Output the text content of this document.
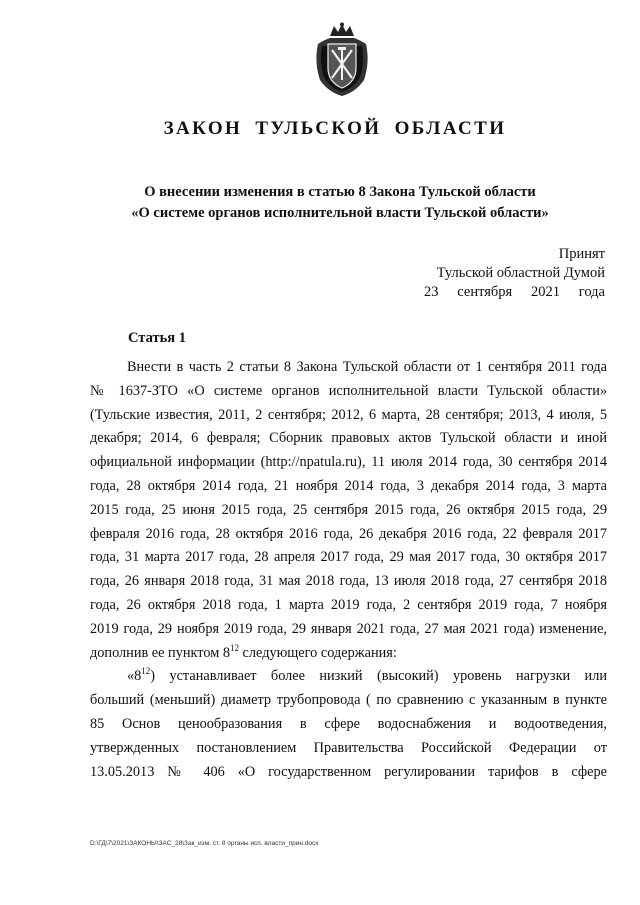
ЗАКОН ТУЛЬСКОЙ ОБЛАСТИ
О внесении изменения в статью 8 Закона Тульской области
«О системе органов исполнительной власти Тульской области»
Принят
Тульской областной Думой
23 сентября 2021 года
Статья 1
Внести в часть 2 статьи 8 Закона Тульской области от 1 сентября 2011 года
№ 1637-ЗТО «О системе органов исполнительной власти Тульской области»
(Тульские известия, 2011, 2 сентября; 2012, 6 марта, 28 сентября; 2013, 4 июля, 5
декабря; 2014, 6 февраля; Сборник правовых актов Тульской области и иной
официальной информации (http://npatula.ru), 11 июля 2014 года, 30 сентября 2014
года, 28 октября 2014 года, 21 ноября 2014 года, 3 декабря 2014 года, 3 марта
2015 года, 25 июня 2015 года, 25 сентября 2015 года, 26 октября 2015 года, 29
февраля 2016 года, 28 октября 2016 года, 26 декабря 2016 года, 22 февраля 2017
года, 31 марта 2017 года, 28 апреля 2017 года, 29 мая 2017 года, 30 октября 2017
года, 26 января 2018 года, 31 мая 2018 года, 13 июля 2018 года, 27 сентября 2018
года, 26 октября 2018 года, 1 марта 2019 года, 2 сентября 2019 года, 7 ноября
2019 года, 29 ноября 2019 года, 29 января 2021 года, 27 мая 2021 года) изменение,
дополнив ее пунктом $8^{12}$ следующего содержания:
«$8^{12}$) устанавливает более низкий (высокий) уровень нагрузки или
больший (меньший) диаметр трубопровода ( по сравнению с указанным в пункте
85 Основ ценообразования в сфере водоснабжения и водоотведения,
утвержденных постановлением Правительства Российской Федерации от
13.05.2013 № 406 «О государственном регулировании тарифов в сфере
D:\ГД\7\2021\ЗАКОНЫ\ЗАС_28\Зак_изм. ст. 8 органы исп. власти_прин.docx
